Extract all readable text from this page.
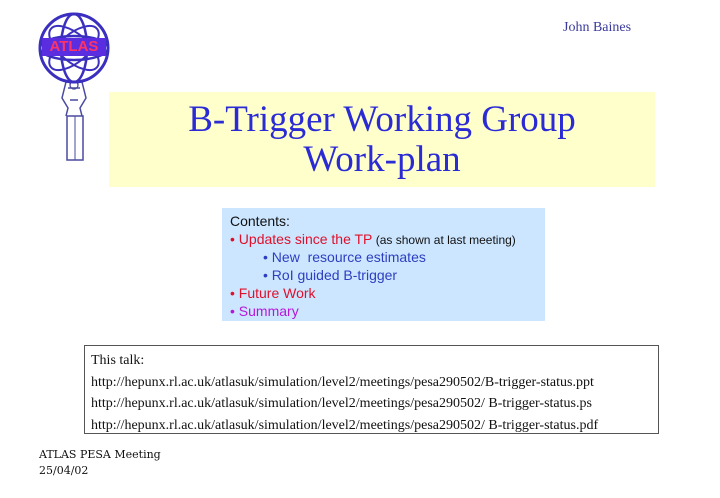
ATLAS
John Baines
B-Trigger Working Group
Work-plan
Contents:
• Updates since the TP (as shown at last meeting)
• New  resource estimates
• RoI guided B-trigger
• Future Work
• Summary
This talk:
http://hepunx.rl.ac.uk/atlasuk/simulation/level2/meetings/pesa290502/B-trigger-status.ppt
http://hepunx.rl.ac.uk/atlasuk/simulation/level2/meetings/pesa290502/ B-trigger-status.ps
http://hepunx.rl.ac.uk/atlasuk/simulation/level2/meetings/pesa290502/ B-trigger-status.pdf
ATLAS PESA Meeting
25/04/02
